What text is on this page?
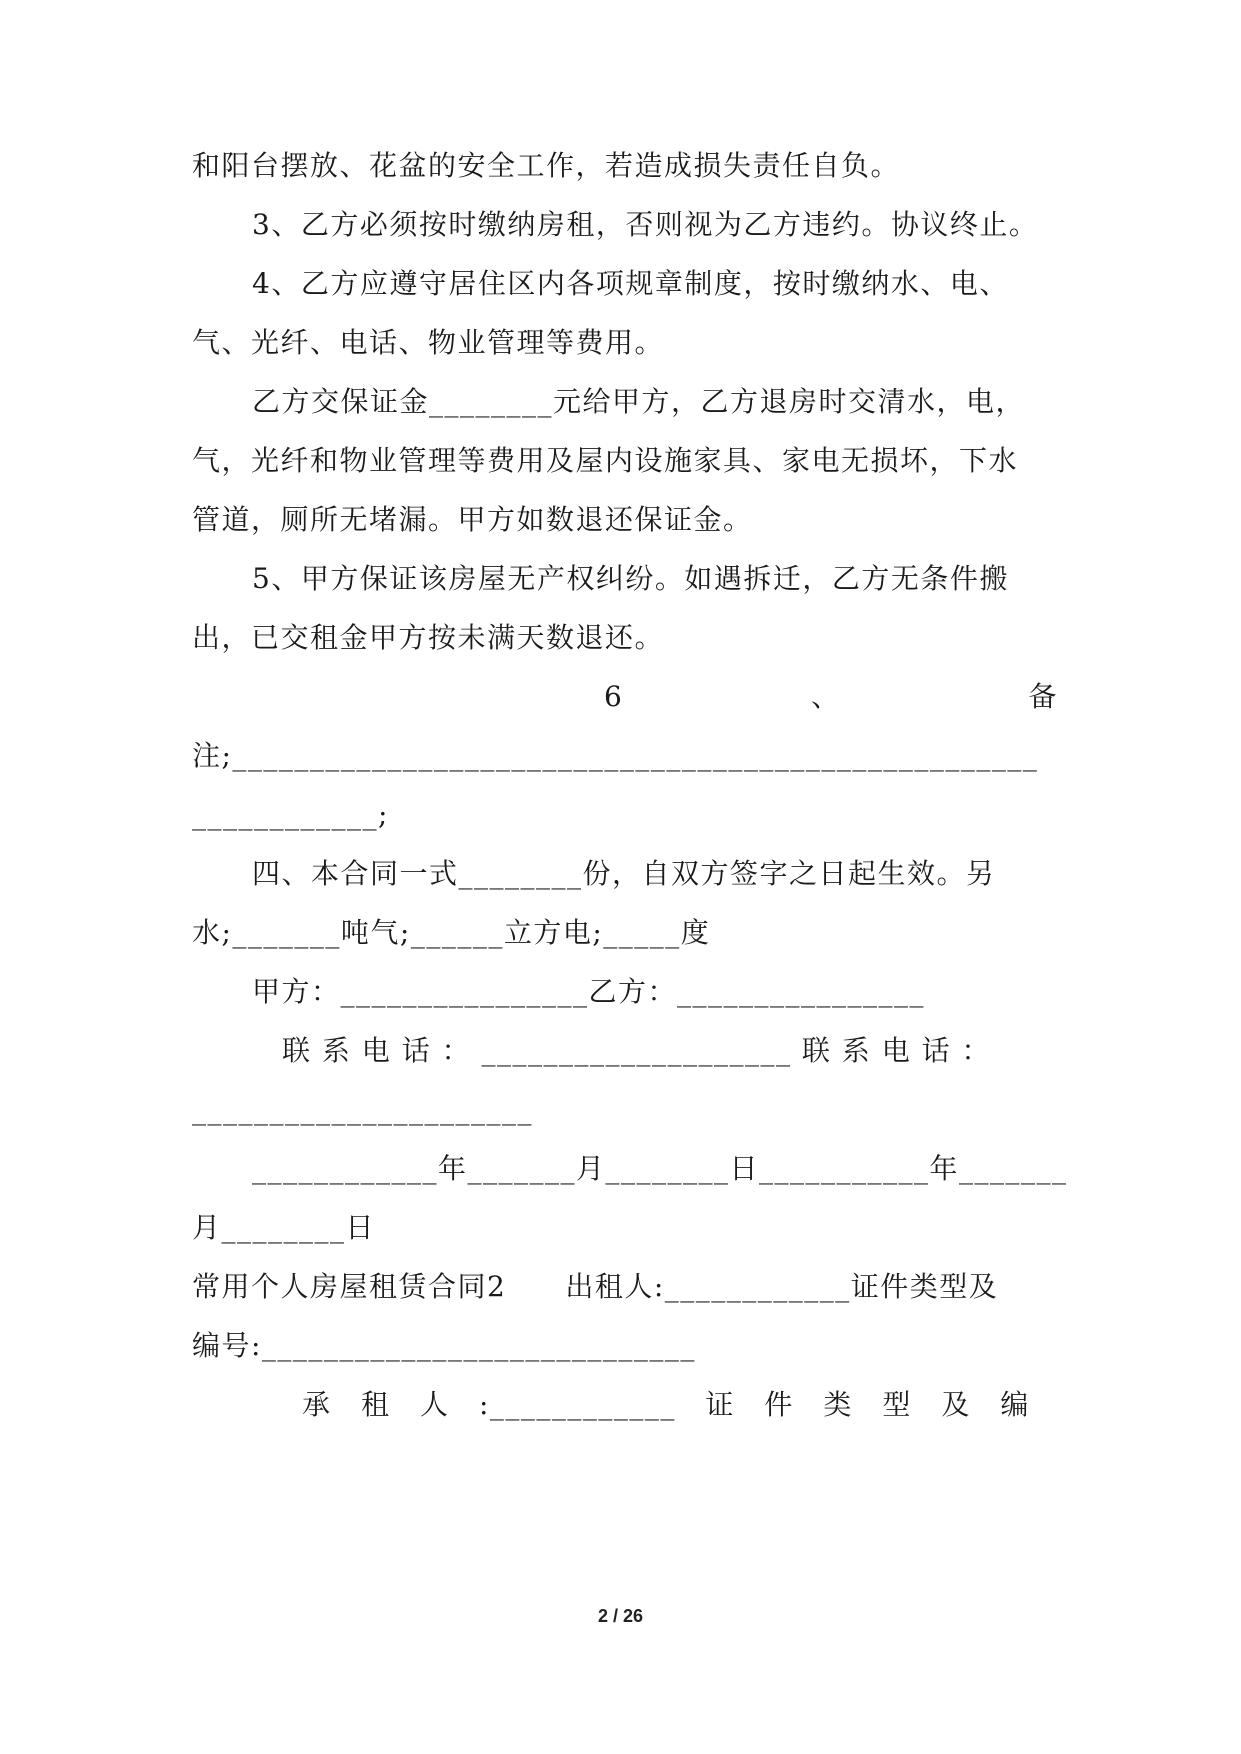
和阳台摆放、花盆的安全工作，若造成损失责任自负。
3、乙方必须按时缴纳房租，否则视为乙方违约。协议终止。
4、乙方应遵守居住区内各项规章制度，按时缴纳水、电、
气、光纤、电话、物业管理等费用。
乙方交保证金________元给甲方，乙方退房时交清水，电，
气，光纤和物业管理等费用及屋内设施家具、家电无损坏，下水
管道，厕所无堵漏。甲方如数退还保证金。
5、甲方保证该房屋无产权纠纷。如遇拆迁，乙方无条件搬
出，已交租金甲方按未满天数退还。
6	、	备
注;____________________________________________________
____________;
四、本合同一式________份，自双方签字之日起生效。另
水;_______吨气;______立方电;_____度
甲方：________________乙方：________________
联 系 电 话 ： ____________________ 联 系 电 话 ：
______________________
____________年_______月________日___________年_______
月________日
常用个人房屋租赁合同2　　出租人:____________证件类型及
编号:____________________________
承　租　人　:____________　证　件　类　型　及　编
2 / 26
